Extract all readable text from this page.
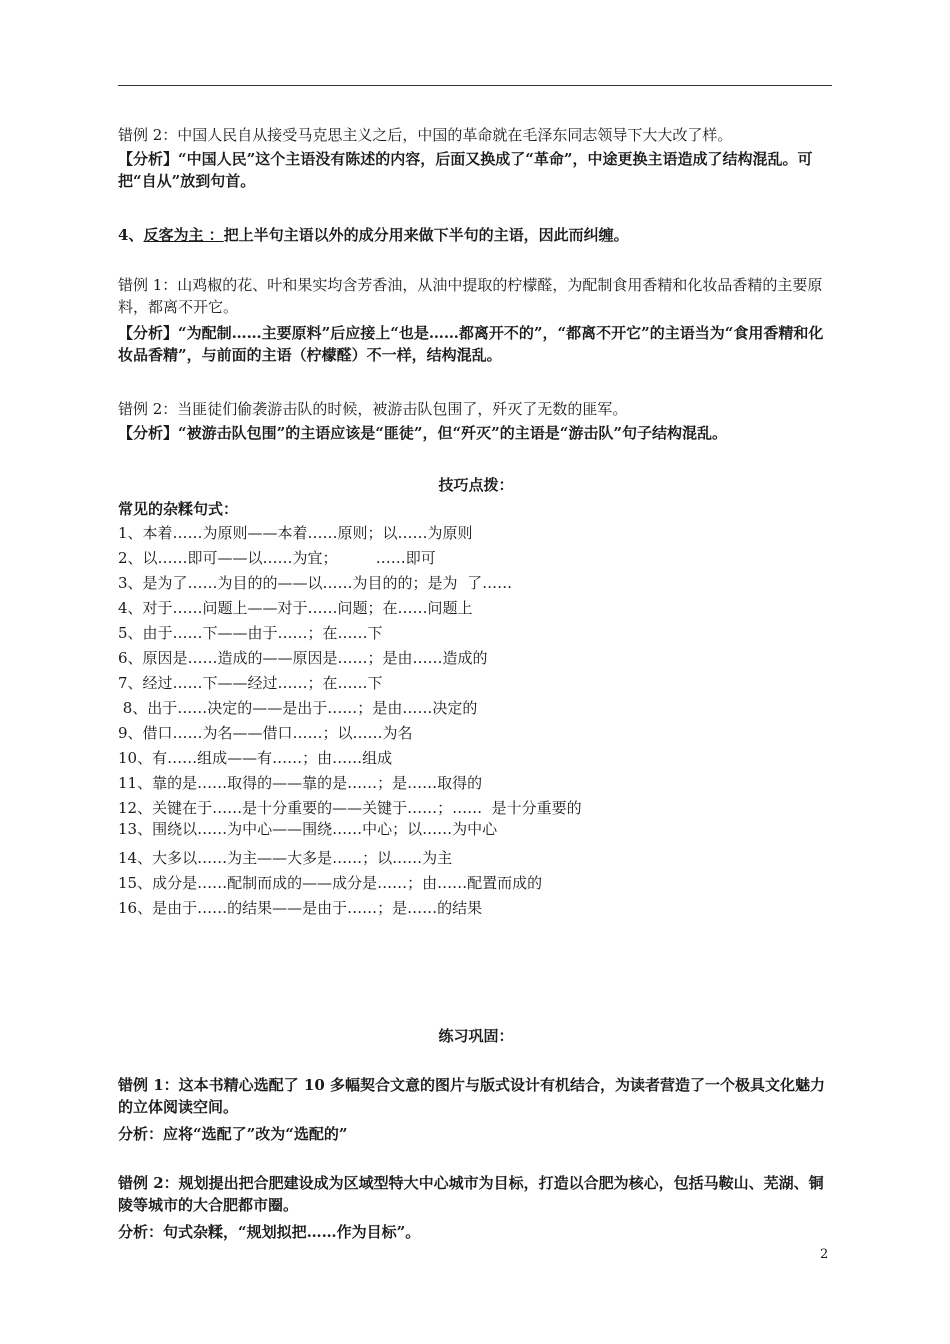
错例 2：中国人民自从接受马克思主义之后，中国的革命就在毛泽东同志领导下大大改了样。
【分析】“中国人民”这个主语没有陈述的内容，后面又换成了“革命”，中途更换主语造成了结构混乱。可把“自从”放到句首。
4、反客为主 ：把上半句主语以外的成分用来做下半句的主语，因此而纠缠。
错例 1：山鸡椒的花、叶和果实均含芳香油，从油中提取的柠檬醛，为配制食用香精和化妆品香精的主要原料，都离不开它。
【分析】“为配制……主要原料”后应接上“也是……都离开不的”，“都离不开它”的主语当为“食用香精和化妆品香精”，与前面的主语（柠檬醛）不一样，结构混乱。
错例 2：当匪徒们偷袭游击队的时候，被游击队包围了，歼灭了无数的匪军。
【分析】“被游击队包围”的主语应该是“匪徒”，但“歼灭”的主语是“游击队”句子结构混乱。
技巧点拨：
常见的杂糅句式：
1、本着……为原则——本着……原则；以……为原则
2、以……即可——以……为宜；        ……即可
3、是为了……为目的的——以……为目的的；是为  了……
4、对于……问题上——对于……问题；在……问题上
5、由于……下——由于……；在……下
6、原因是……造成的——原因是……；是由……造成的
7、经过……下——经过……；在……下
8、出于……决定的——是出于……；是由……决定的
9、借口……为名——借口……；以……为名
10、有……组成——有……；由……组成
11、靠的是……取得的——靠的是……；是……取得的
12、关键在于……是十分重要的——关键于……；……  是十分重要的
13、围绕以……为中心——围绕……中心；以……为中心
14、大多以……为主——大多是……；以……为主
15、成分是……配制而成的——成分是……；由……配置而成的
16、是由于……的结果——是由于……；是……的结果
练习巩固：
错例 1：这本书精心选配了 10 多幅契合文意的图片与版式设计有机结合，为读者营造了一个极具文化魅力的立体阅读空间。
分析：应将“选配了”改为“选配的”
错例 2：规划提出把合肥建设成为区域型特大中心城市为目标，打造以合肥为核心，包括马鞍山、芜湖、铜陵等城市的大合肥都市圈。
分析：句式杂糅，“规划拟把……作为目标”。
2
